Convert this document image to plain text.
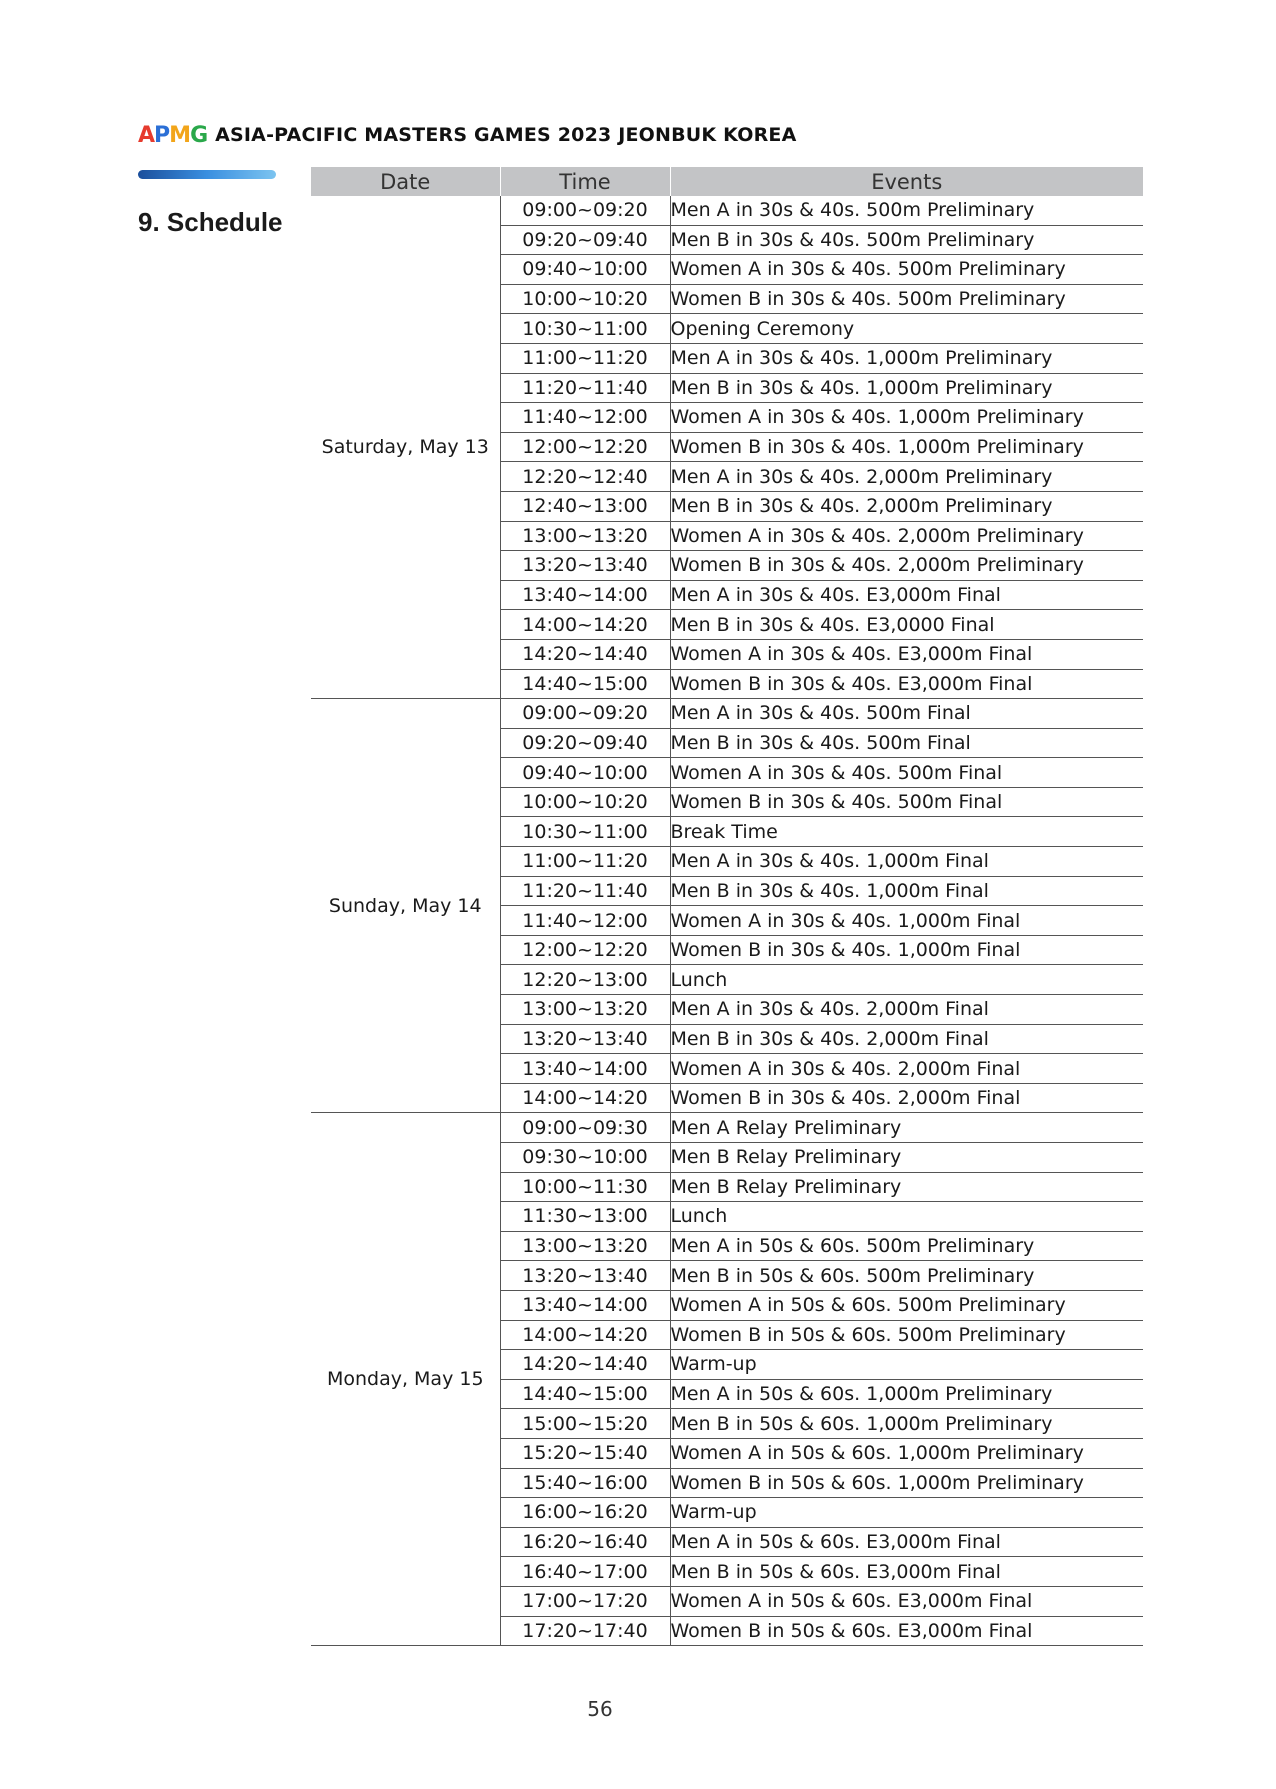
A P M G ASIA-PACIFIC MASTERS GAMES 2023 JEONBUK KOREA
9. Schedule
Date	Time	Events
Saturday, May 13	09:00~09:20	Men A in 30s & 40s. 500m Preliminary
	09:20~09:40	Men B in 30s & 40s. 500m Preliminary
	09:40~10:00	Women A in 30s & 40s. 500m Preliminary
	10:00~10:20	Women B in 30s & 40s. 500m Preliminary
	10:30~11:00	Opening Ceremony
	11:00~11:20	Men A in 30s & 40s. 1,000m Preliminary
	11:20~11:40	Men B in 30s & 40s. 1,000m Preliminary
	11:40~12:00	Women A in 30s & 40s. 1,000m Preliminary
	12:00~12:20	Women B in 30s & 40s. 1,000m Preliminary
	12:20~12:40	Men A in 30s & 40s. 2,000m Preliminary
	12:40~13:00	Men B in 30s & 40s. 2,000m Preliminary
	13:00~13:20	Women A in 30s & 40s. 2,000m Preliminary
	13:20~13:40	Women B in 30s & 40s. 2,000m Preliminary
	13:40~14:00	Men A in 30s & 40s. E3,000m Final
	14:00~14:20	Men B in 30s & 40s. E3,0000 Final
	14:20~14:40	Women A in 30s & 40s. E3,000m Final
	14:40~15:00	Women B in 30s & 40s. E3,000m Final
Sunday, May 14	09:00~09:20	Men A in 30s & 40s. 500m Final
	09:20~09:40	Men B in 30s & 40s. 500m Final
	09:40~10:00	Women A in 30s & 40s. 500m Final
	10:00~10:20	Women B in 30s & 40s. 500m Final
	10:30~11:00	Break Time
	11:00~11:20	Men A in 30s & 40s. 1,000m Final
	11:20~11:40	Men B in 30s & 40s. 1,000m Final
	11:40~12:00	Women A in 30s & 40s. 1,000m Final
	12:00~12:20	Women B in 30s & 40s. 1,000m Final
	12:20~13:00	Lunch
	13:00~13:20	Men A in 30s & 40s. 2,000m Final
	13:20~13:40	Men B in 30s & 40s. 2,000m Final
	13:40~14:00	Women A in 30s & 40s. 2,000m Final
	14:00~14:20	Women B in 30s & 40s. 2,000m Final
Monday, May 15	09:00~09:30	Men A Relay Preliminary
	09:30~10:00	Men B Relay Preliminary
	10:00~11:30	Men B Relay Preliminary
	11:30~13:00	Lunch
	13:00~13:20	Men A in 50s & 60s. 500m Preliminary
	13:20~13:40	Men B in 50s & 60s. 500m Preliminary
	13:40~14:00	Women A in 50s & 60s. 500m Preliminary
	14:00~14:20	Women B in 50s & 60s. 500m Preliminary
	14:20~14:40	Warm-up
	14:40~15:00	Men A in 50s & 60s. 1,000m Preliminary
	15:00~15:20	Men B in 50s & 60s. 1,000m Preliminary
	15:20~15:40	Women A in 50s & 60s. 1,000m Preliminary
	15:40~16:00	Women B in 50s & 60s. 1,000m Preliminary
	16:00~16:20	Warm-up
	16:20~16:40	Men A in 50s & 60s. E3,000m Final
	16:40~17:00	Men B in 50s & 60s. E3,000m Final
	17:00~17:20	Women A in 50s & 60s. E3,000m Final
	17:20~17:40	Women B in 50s & 60s. E3,000m Final
56
